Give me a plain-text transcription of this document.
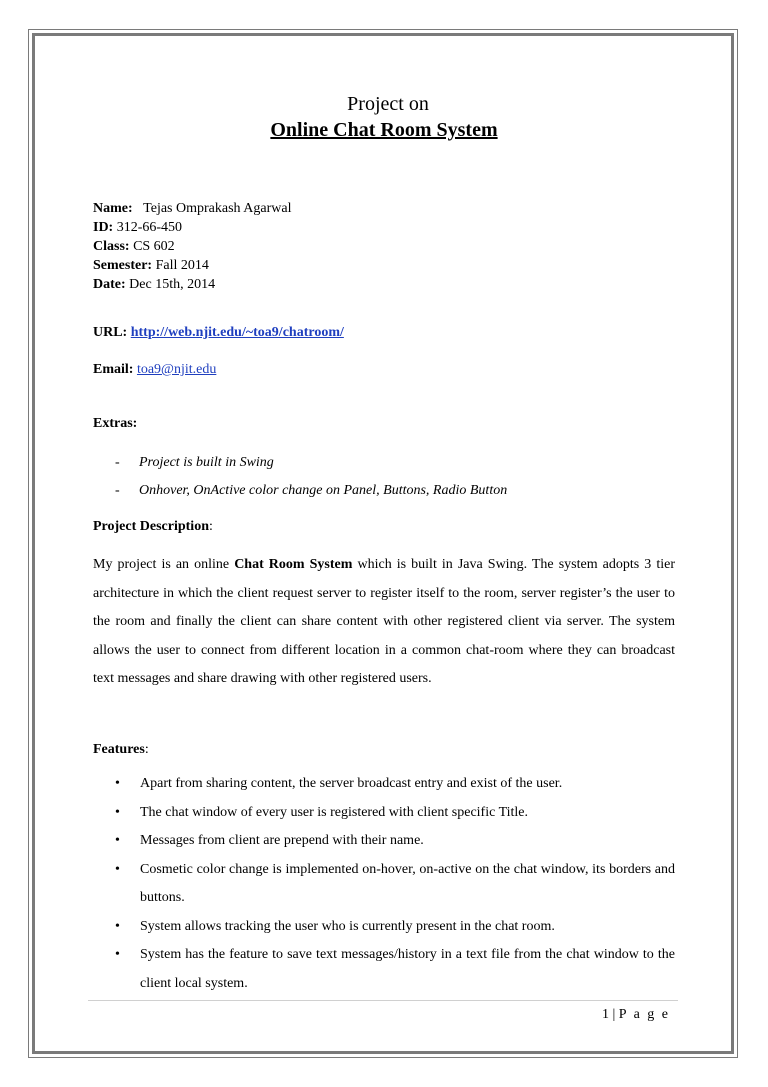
Project on
Online Chat Room System
Name: Tejas Omprakash Agarwal
ID: 312-66-450
Class: CS 602
Semester: Fall 2014
Date: Dec 15th, 2014
URL: http://web.njit.edu/~toa9/chatroom/
Email: toa9@njit.edu
Extras:
- Project is built in Swing
- Onhover, OnActive color change on Panel, Buttons, Radio Button
Project Description:
My project is an online Chat Room System which is built in Java Swing. The system adopts 3 tier architecture in which the client request server to register itself to the room, server register’s the user to the room and finally the client can share content with other registered client via server. The system allows the user to connect from different location in a common chat-room where they can broadcast text messages and share drawing with other registered users.
Features:
• Apart from sharing content, the server broadcast entry and exist of the user.
• The chat window of every user is registered with client specific Title.
• Messages from client are prepend with their name.
• Cosmetic color change is implemented on-hover, on-active on the chat window, its borders and buttons.
• System allows tracking the user who is currently present in the chat room.
• System has the feature to save text messages/history in a text file from the chat window to the client local system.
1 | P a g e
